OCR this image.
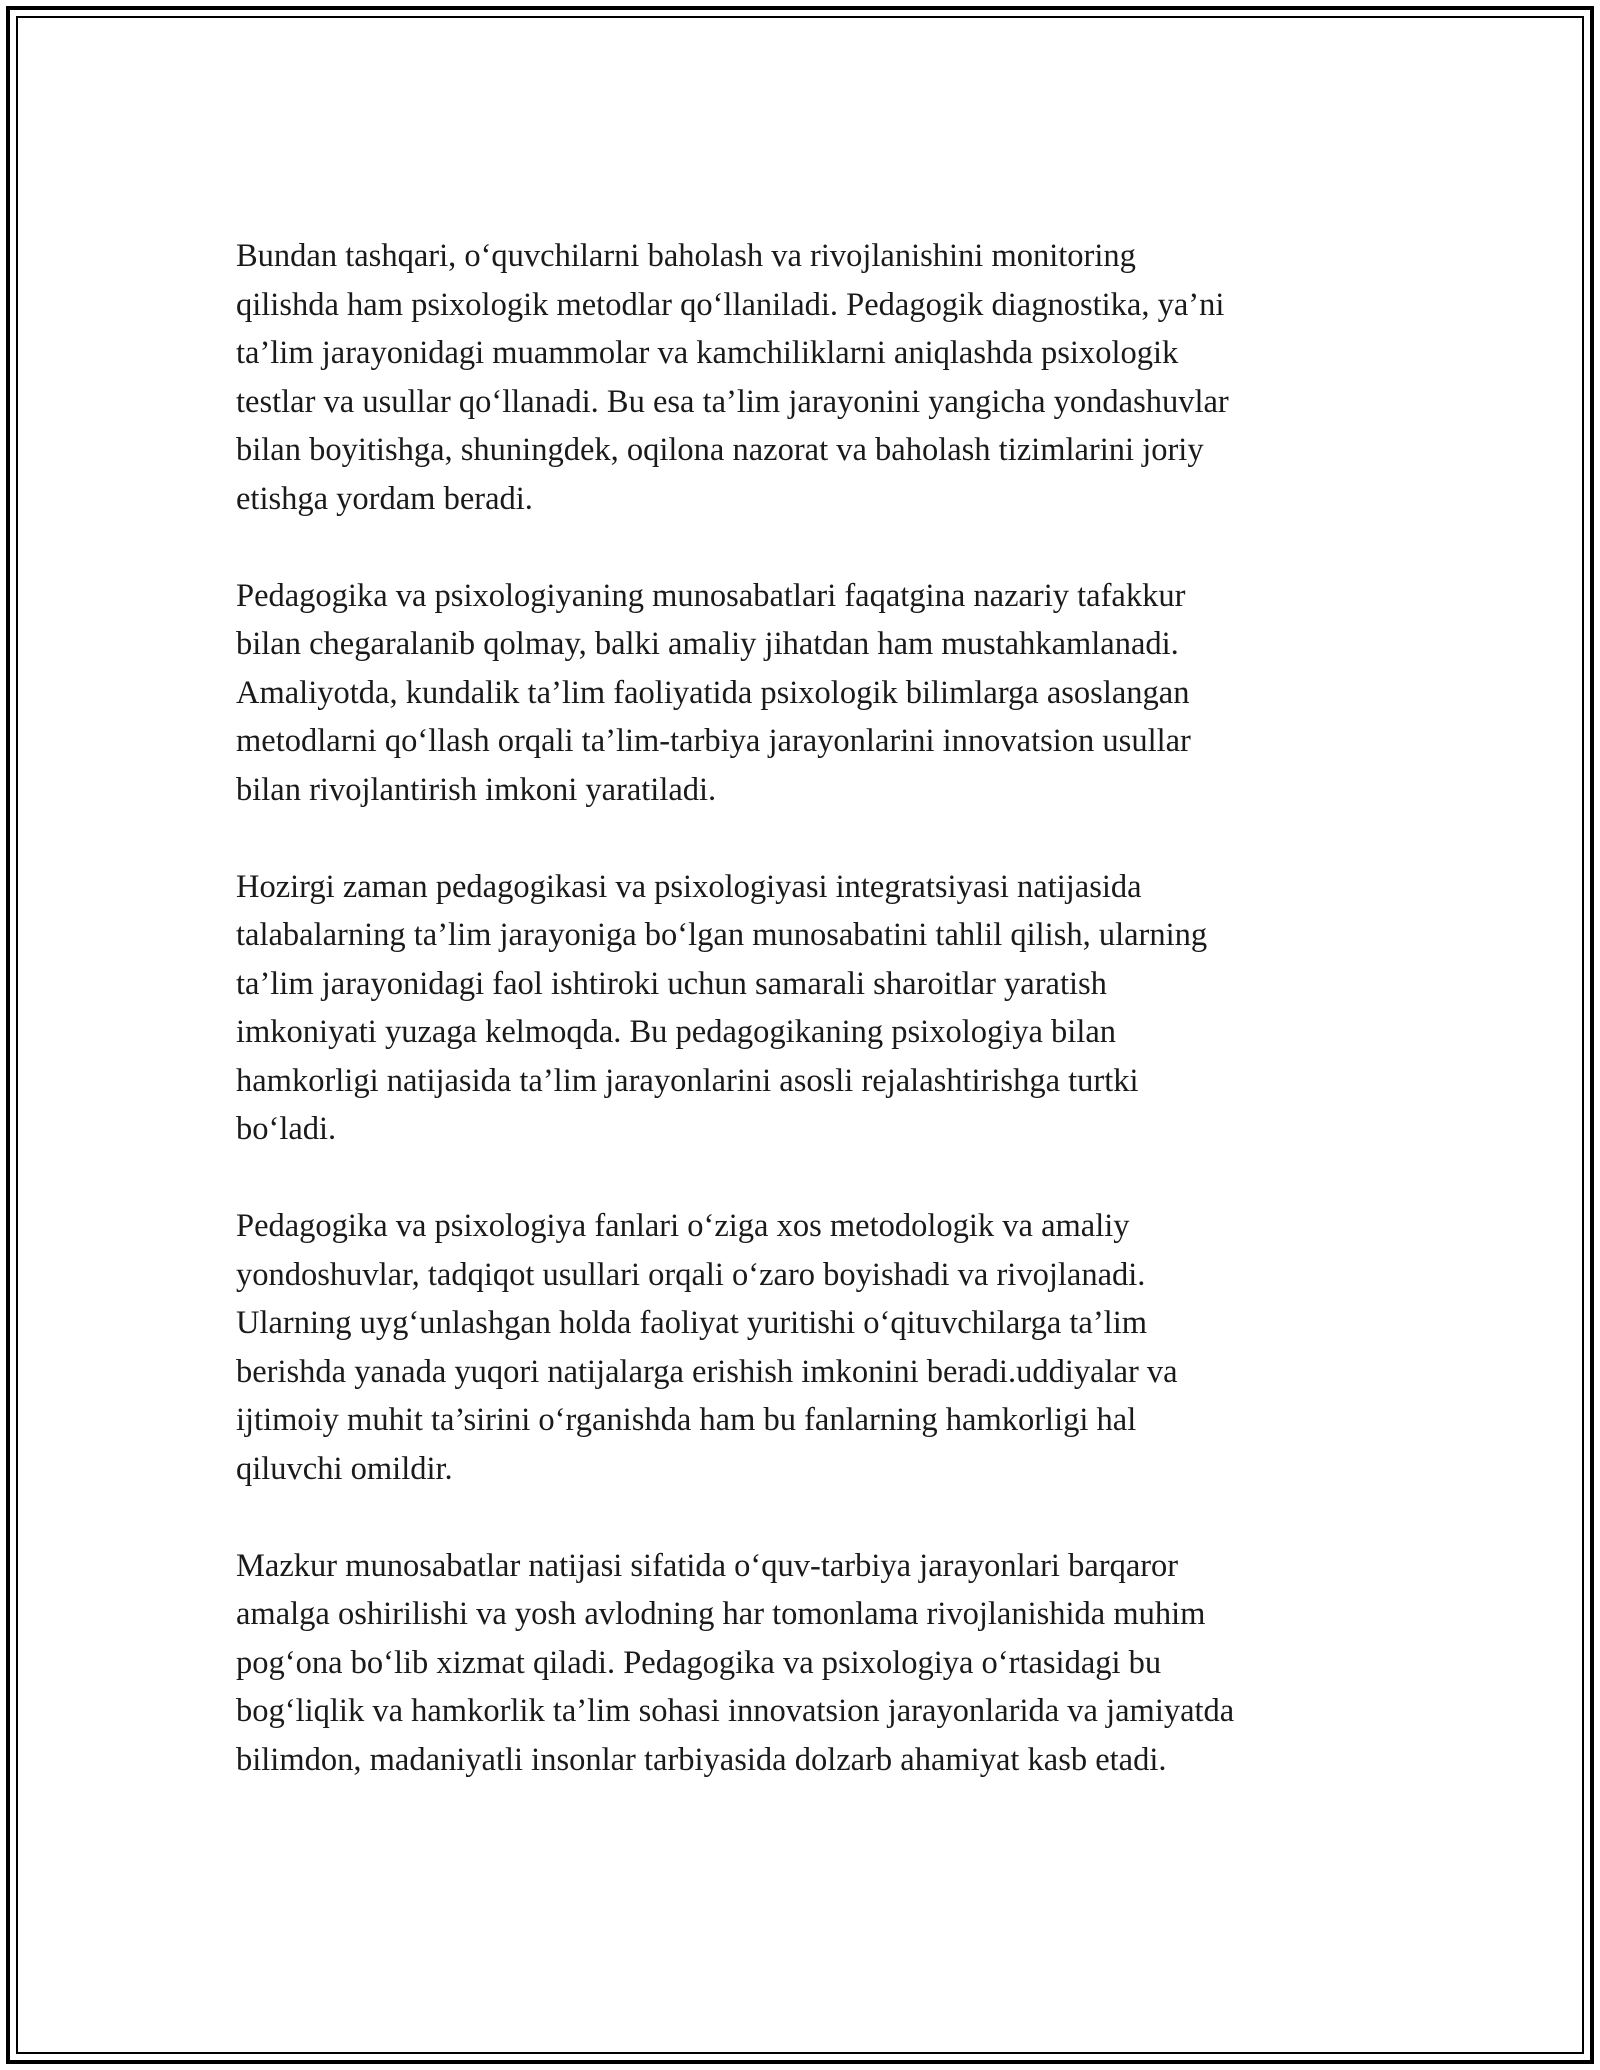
Bundan tashqari, o‘quvchilarni baholash va rivojlanishini monitoring
qilishda ham psixologik metodlar qo‘llaniladi. Pedagogik diagnostika, ya’ni
ta’lim jarayonidagi muammolar va kamchiliklarni aniqlashda psixologik
testlar va usullar qo‘llanadi. Bu esa ta’lim jarayonini yangicha yondashuvlar
bilan boyitishga, shuningdek, oqilona nazorat va baholash tizimlarini joriy
etishga yordam beradi.

Pedagogika va psixologiyaning munosabatlari faqatgina nazariy tafakkur
bilan chegaralanib qolmay, balki amaliy jihatdan ham mustahkamlanadi.
Amaliyotda, kundalik ta’lim faoliyatida psixologik bilimlarga asoslangan
metodlarni qo‘llash orqali ta’lim-tarbiya jarayonlarini innovatsion usullar
bilan rivojlantirish imkoni yaratiladi.

Hozirgi zaman pedagogikasi va psixologiyasi integratsiyasi natijasida
talabalarning ta’lim jarayoniga bo‘lgan munosabatini tahlil qilish, ularning
ta’lim jarayonidagi faol ishtiroki uchun samarali sharoitlar yaratish
imkoniyati yuzaga kelmoqda. Bu pedagogikaning psixologiya bilan
hamkorligi natijasida ta’lim jarayonlarini asosli rejalashtirishga turtki
bo‘ladi.

Pedagogika va psixologiya fanlari o‘ziga xos metodologik va amaliy
yondoshuvlar, tadqiqot usullari orqali o‘zaro boyishadi va rivojlanadi.
Ularning uyg‘unlashgan holda faoliyat yuritishi o‘qituvchilarga ta’lim
berishda yanada yuqori natijalarga erishish imkonini beradi.uddiyalar va
ijtimoiy muhit ta’sirini o‘rganishda ham bu fanlarning hamkorligi hal
qiluvchi omildir.

Mazkur munosabatlar natijasi sifatida o‘quv-tarbiya jarayonlari barqaror
amalga oshirilishi va yosh avlodning har tomonlama rivojlanishida muhim
pog‘ona bo‘lib xizmat qiladi. Pedagogika va psixologiya o‘rtasidagi bu
bog‘liqlik va hamkorlik ta’lim sohasi innovatsion jarayonlarida va jamiyatda
bilimdon, madaniyatli insonlar tarbiyasida dolzarb ahamiyat kasb etadi.
